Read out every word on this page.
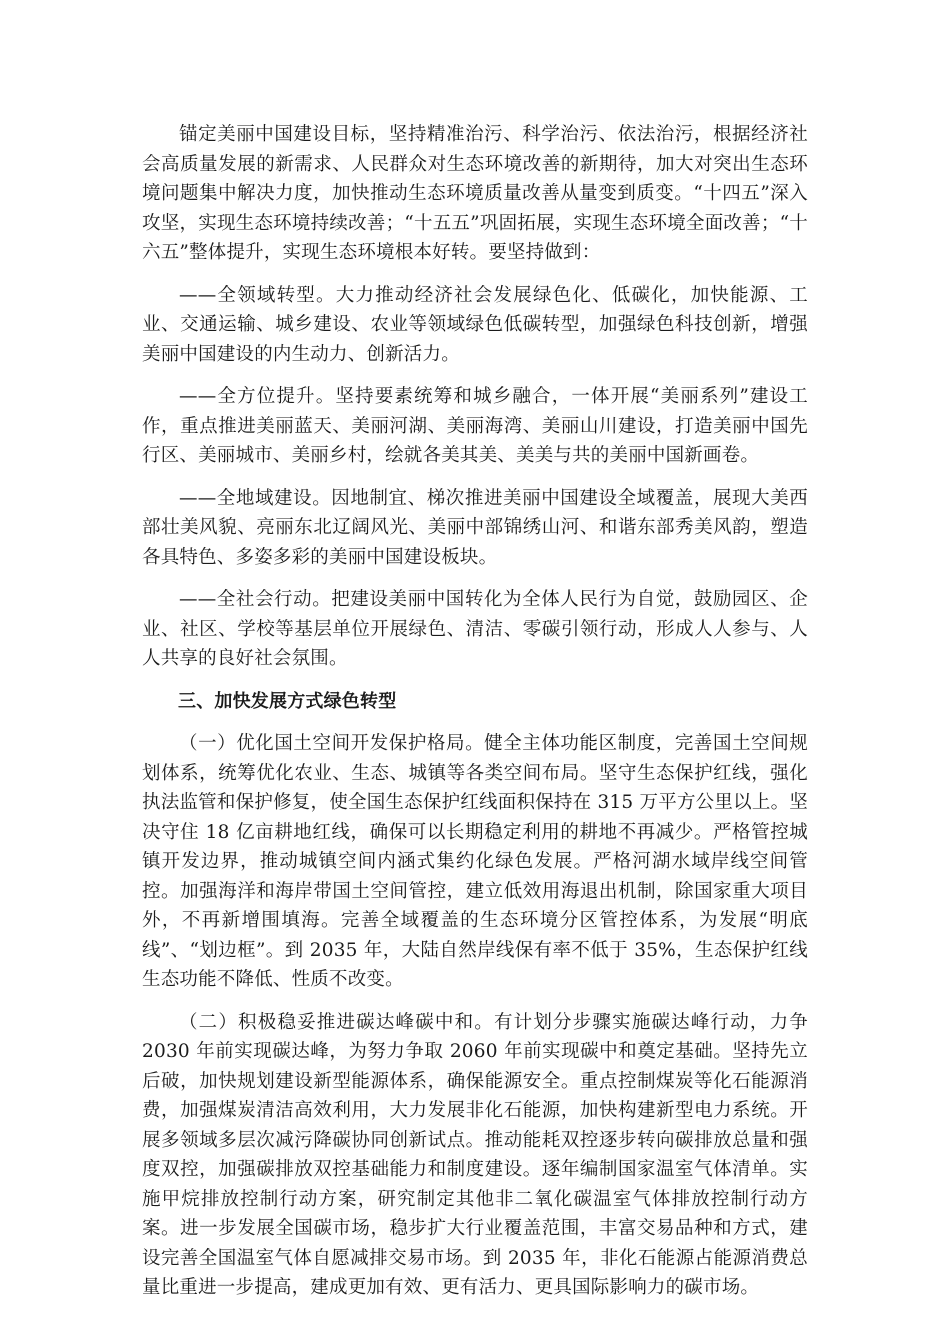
锚定美丽中国建设目标，坚持精准治污、科学治污、依法治污，根据经济社会高质量发展的新需求、人民群众对生态环境改善的新期待，加大对突出生态环境问题集中解决力度，加快推动生态环境质量改善从量变到质变。“十四五”深入攻坚，实现生态环境持续改善；“十五五”巩固拓展，实现生态环境全面改善；“十六五”整体提升，实现生态环境根本好转。要坚持做到：

——全领域转型。大力推动经济社会发展绿色化、低碳化，加快能源、工业、交通运输、城乡建设、农业等领域绿色低碳转型，加强绿色科技创新，增强美丽中国建设的内生动力、创新活力。

——全方位提升。坚持要素统筹和城乡融合，一体开展“美丽系列”建设工作，重点推进美丽蓝天、美丽河湖、美丽海湾、美丽山川建设，打造美丽中国先行区、美丽城市、美丽乡村，绘就各美其美、美美与共的美丽中国新画卷。

——全地域建设。因地制宜、梯次推进美丽中国建设全域覆盖，展现大美西部壮美风貌、亮丽东北辽阔风光、美丽中部锦绣山河、和谐东部秀美风韵，塑造各具特色、多姿多彩的美丽中国建设板块。

——全社会行动。把建设美丽中国转化为全体人民行为自觉，鼓励园区、企业、社区、学校等基层单位开展绿色、清洁、零碳引领行动，形成人人参与、人人共享的良好社会氛围。

三、加快发展方式绿色转型

（一）优化国土空间开发保护格局。健全主体功能区制度，完善国土空间规划体系，统筹优化农业、生态、城镇等各类空间布局。坚守生态保护红线，强化执法监管和保护修复，使全国生态保护红线面积保持在 315 万平方公里以上。坚决守住 18 亿亩耕地红线，确保可以长期稳定利用的耕地不再减少。严格管控城镇开发边界，推动城镇空间内涵式集约化绿色发展。严格河湖水域岸线空间管控。加强海洋和海岸带国土空间管控，建立低效用海退出机制，除国家重大项目外，不再新增围填海。完善全域覆盖的生态环境分区管控体系，为发展“明底线”、“划边框”。到 2035 年，大陆自然岸线保有率不低于 35%，生态保护红线生态功能不降低、性质不改变。

（二）积极稳妥推进碳达峰碳中和。有计划分步骤实施碳达峰行动，力争 2030 年前实现碳达峰，为努力争取 2060 年前实现碳中和奠定基础。坚持先立后破，加快规划建设新型能源体系，确保能源安全。重点控制煤炭等化石能源消费，加强煤炭清洁高效利用，大力发展非化石能源，加快构建新型电力系统。开展多领域多层次减污降碳协同创新试点。推动能耗双控逐步转向碳排放总量和强度双控，加强碳排放双控基础能力和制度建设。逐年编制国家温室气体清单。实施甲烷排放控制行动方案，研究制定其他非二氧化碳温室气体排放控制行动方案。进一步发展全国碳市场，稳步扩大行业覆盖范围，丰富交易品种和方式，建设完善全国温室气体自愿减排交易市场。到 2035 年，非化石能源占能源消费总量比重进一步提高，建成更加有效、更有活力、更具国际影响力的碳市场。
